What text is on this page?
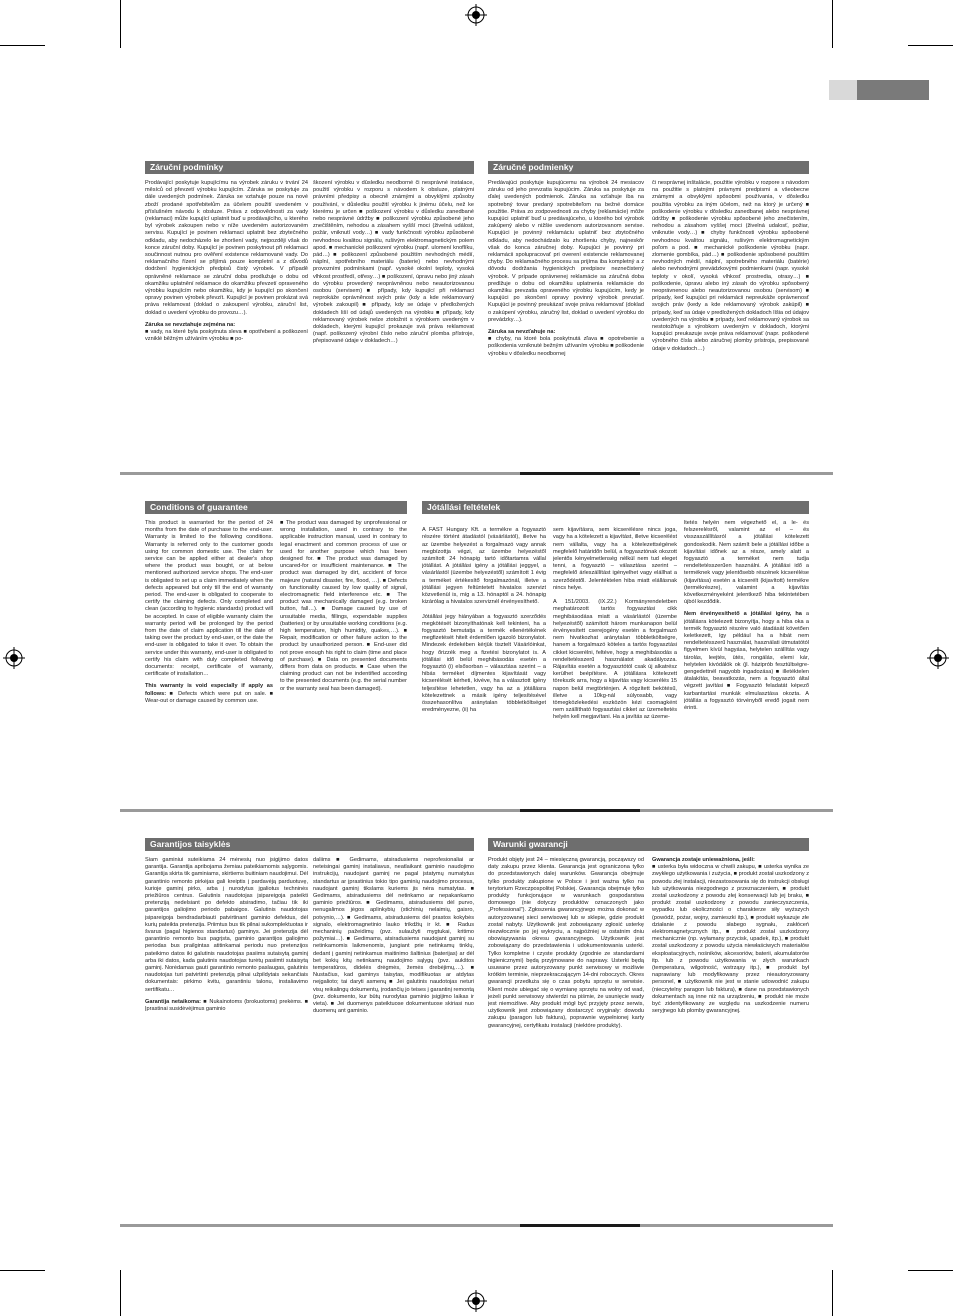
Záruční podmínky

Prodávající poskytuje kupujícímu na výrobek záruku v trvání 24 měsíců od převzetí výrobku kupujícím. Záruka se poskytuje za dále uvedených podmínek. Záruka se vztahuje pouze na nové zboží prodané spotřebitelům za účelem použití uvedeném v příslušném návodu k obsluze. Práva z odpovědnosti za vady (reklamaci) může kupující uplatnit buď u prodávajícího, u kterého byl výrobek zakoupen nebo v níže uvedeném autorizovaném servisu. Kupující je povinen reklamaci uplatnit bez zbytečného odkladu, aby nedocházelo ke zhoršení vady, nejpozději však do konce záruční doby. Kupující je povinen poskytnout při reklamaci součinnost nutnou pro ověření existence reklamované vady. Do reklamačního řízení se přijímá pouze kompletní a z důvodů dodržení hygienických předpisů čistý výrobek. V případě oprávněné reklamace se záruční doba prodlužuje o dobu od okamžiku uplatnění reklamace do okamžiku převzetí opraveného výrobku kupujícím nebo okamžiku, kdy je kupující po skončení opravy povinen výrobek převzít. Kupující je povinen prokázat svá práva reklamovat (doklad o zakoupení výrobku, záruční list, doklad o uvedení výrobku do provozu…).

Záruka se nevztahuje zejména na:
■ vady, na které byla poskytnuta sleva ■ opotřebení a poškození vzniklé běžným užíváním výrobku ■ po-

škození výrobku v důsledku neodborné či nesprávné instalace, použití výrobku v rozporu s návodem k obsluze, platnými právními předpisy a obecně známými a obvyklými způsoby používání, v důsledku použití výrobku k jinému účelu, než ke kterému je určen ■ poškození výrobku v důsledku zanedbané nebo nesprávné údržby ■ poškození výrobku způsobené jeho znečištěním, nehodou a zásahem vyšší moci (živelná událost, požár, vniknutí vody…) ■ vady funkčnosti výrobku způsobené nevhodnou kvalitou signálu, rušivým elektromagnetickým polem apod. ■ mechanické poškození výrobku (např. ulomení knoflíku, pád…) ■ poškození způsobené použitím nevhodných médií, náplní, spotřebního materiálu (baterie) nebo nevhodnými provozními podmínkami (např. vysoké okolní teploty, vysoká vlhkost prostředí, otřesy…) ■ poškození, úpravu nebo jiný zásah do výrobku provedený neoprávněnou nebo neautorizovanou osobou (servisem) ■ případy, kdy kupující při reklamaci neprokáže oprávněnost svých práv (kdy a kde reklamovaný výrobek zakoupil) ■ případy, kdy se údaje v předložených dokladech liší od údajů uvedených na výrobku ■ případy, kdy reklamovaný výrobek nelze ztotožnit s výrobkem uvedeným v dokladech, kterými kupující prokazuje svá práva reklamovat (např. poškozený výrobní číslo nebo záruční plomba přístroje, přepisované údaje v dokladech…)

Záručné podmienky

Predávajúci poskytuje kupujúcemu na výrobok 24 mesiacov záruku od jeho prevzatia kupujúcim. Záruka sa poskytuje za ďalej uvedených podmienok. Záruka sa vzťahuje iba na spotrebný tovar predaný spotrebiteľom na bežné domáce použitie. Práva zo zodpovednosti za chyby (reklamácie) môže kupujúci uplatniť buď u predávajúceho, u ktorého bol výrobok zakúpený alebo v nižšie uvedenom autorizovanom servise. Kupujúci je povinný reklamáciu uplatniť bez zbytočného odkladu, aby nedochádzalo ku zhoršeniu chyby, najneskôr však do konca záručnej doby. Kupujúci je povinný pri reklamácii spolupracovať pri overení existencie reklamovanej chyby. Do reklamačného procesu sa prijíma iba kompletný a z dôvodu dodržania hygienických predpisov neznečistený výrobok. V prípade oprávnenej reklamácie sa záručná doba predlžuje o dobu od okamžiku uplatnenia reklamácie do okamžiku prevzatia opraveného výrobku kupujúcim, kedy je kupujúci po skončení opravy povinný výrobok prevziať. Kupujúci je povinný preukázať svoje práva reklamovať (doklad o zakúpení výrobku, záručný list, doklad o uvedení výrobku do prevádzky…).

Záruka sa nevzťahuje na:
■ chyby, na ktoré bola poskytnutá zľava ■ opotrebenie a poškodenia vzniknuté bežným užívaním výrobku ■ poškodenie výrobku v dôsledku neodbornej

či nesprávnej inštalácie, použitie výrobku v rozpore s návodom na použitie s platnými právnymi predpismi a všeobecne známymi a obvyklými spôsobmi používania, v dôsledku použitia výrobku za iným účelom, než na ktorý je určený ■ poškodenie výrobku v dôsledku zanedbanej alebo nesprávnej údržby ■ poškodenie výrobku spôsobené jeho znečistením, nehodou a zásahom vyššej moci (živelná udalosť, požiar, vniknutie vody…) ■ chyby funkčnosti výrobku spôsobené nevhodnou kvalitou signálu, rušivým elektromagnetickým poľom a pod. ■ mechanické poškodenie výrobku (napr. zlomenie gombíka, pád…) ■ poškodenie spôsobené použitím nevhodných médií, náplní, spotrebného materiálu (batérie) alebo nevhodnými prevádzkovými podmienkami (napr. vysoké teploty v okolí, vysoká vlhkosť prostredia, otrasy…) ■ poškodenie, úpravu alebo iný zásah do výrobku spôsobený neoprávnenou alebo neautorizovanou osobou (servisom) ■ prípady, keď kupujúci pri reklamácii nepreukáže oprávnenosť svojich práv (kedy a kde reklamovaný výrobok zakúpil) ■ prípady, keď sa údaje v predložených dokladoch líšia od údajov uvedených na výrobku ■ prípady, keď reklamovaný výrobok sa nestotožňuje s výrobkom uvedeným v dokladoch, ktorými kupujúci preukazuje svoje práva reklamovať (napr. poškodené výrobného čísla alebo záručnej plomby prístroja, prepisované údaje v dokladoch…)

Conditions of guarantee

This product is warranted for the period of 24 months from the date of purchase to the end-user. Warranty is limited to the following conditions. Warranty is referred only to the customer goods using for common domestic use. The claim for service can be applied either at dealer's shop where the product was bought, or at below mentioned authorized service shops. The end-user is obligated to set up a claim immediately when the defects appeared but only till the end of warranty period. The end-user is obligated to cooperate to certify the claiming defects. Only completed and clean (according to hygienic standards) product will be accepted. In case of eligible warranty claim the warranty period will be prolonged by the period from the date of claim application till the date of taking over the product by end-user, or the date the end-user is obligated to take it over. To obtain the service under this warranty, end-user is obligated to certify his claim with duly completed following documents: receipt, certificate of warranty, certificate of installation…

This warranty is void especially if apply as follows: ■ Defects which were put on sale. ■ Wear-out or damage caused by common use.

■ The product was damaged by unprofessional or wrong installation, used in contrary to the applicable instruction manual, used in contrary to legal enactment and common process of use or used for another purpose which has been designed for. ■ The product was damaged by uncared-for or insufficient maintenance. ■ The product was damaged by dirt, accident of force majeure (natural disaster, fire, flood, …). ■ Defects on functionality caused by low quality of signal, electromagnetic field interference etc. ■ The product was mechanically damaged (e.g. broken button, fall…). ■ Damage caused by use of unsuitable media, fillings, expendable supplies (batteries) or by unsuitable working conditions (e.g. high temperature, high humidity, quakes,…). ■ Repair, modification or other failure action to the product by unauthorized person. ■ End-user did not prove enough his right to claim (time and place of purchase). ■ Data on presented documents differs from data on products. ■ Case when the claiming product can not be indentified according to the presented documents (e.g. the serial number or the warranty seal has been damaged).

Jótállási feltételek

A FAST Hungary Kft. a termékre a fogyasztó részére történt átadástól (vásárlástól), illetve ha az üzembe helyezést a forgalmazó vagy annak megbízottja végzi, az üzembe helyezéstől számított 24 hónapig tartó időtartamra vállal jótállást. A jótállási igény a jótállási jeggyel, a vásárlástól (üzembe helyezéstől) számított 1 évig a terméket értékesítő forgalmazónál, illetve a jótállási jegyen feltüntetett hivatalos szervizt közvetlenül is, míg a 13. hónaptól a 24. hónapig kizárólag a hivatalos szerviznél érvényesíthető.

Jótállási jegy hiányában a fogyasztó szerződés megkötését bizonyíthatónak kell tekinteni, ha a fogyasztó bemutatja a termék ellenértékének megfizetését hitelt érdemlően igazoló bizonylatot. Mindezek érdekében kérjük tisztelt Vásárlóinkat, hogy őrizzék meg a fizetési bizonylatot is. A jótállási idő belül meghibásodás esetén a fogyasztó (i) elsősorban – választása szerint – a hibás terméket díjmentes kijavítását vagy kicserélését kérheti, kivéve, ha a választott igény teljesítése lehetetlen, vagy ha az a jótállásra kötelezettnek a másik igény teljesítésével összehasonlítva aránytalan többletköltséget eredményezne, (ii) ha

sem kijavításra, sem kicserélésre nincs joga, vagy ha a kötelezett a kijavítást, illetve kicserélést nem vállalta, vagy ha a kötelezettségének megfelelő határidőn belül, a fogyasztónak okozott jelentős kényelmetlenség nélkül nem tud eleget tenni, a fogyasztó – választása szerint – megfelelő árleszállítást igényelhet vagy elállhat a szerződéstől. Jelentéktelen hiba miatt elállásnak nincs helye.

A 151/2003. (IX.22.) Kormányrendeletben meghatározott tartós fogyasztási cikk meghibásodása miatt a vásárlástól (üzembe helyezéstől) számított három munkanapon belül érvényesített cserejogény esetén a forgalmazó nem hivatkozhat aránytalan többletköltségre, hanem a forgalmazó köteles a tartós fogyasztási cikket kicserélni, feltéve, hogy a meghibásodás a rendeltetésszerű használatot akadályozza. Rájavítás esetén a fogyasztótól csak új alkatrész kerülhet beépítésre. A jótállásra kötelezett törekszik arra, hogy a kijavítás vagy kicserélés 15 napon belül megtörténjen. A rögzített bekötésű, illetve a 10kg-nál súlyosabb, vagy tömegközlekedési eszközön kézi csomagként nem szállítható fogyasztási cikket az üzemeltetés helyén kell megjavítani. Ha a javítás az üzeme-

ltetés helyén nem végezhető el, a le- és felszerelésről, valamint az el – és visszaszállításról a jótállási kötelezett gondoskodik. Nem számít bele a jótállási időbe a kijavítási időnek az a része, amely alatt a fogyasztó a terméket nem tudja rendeltetésszerűen használni. A jótállási idő a terméknek vagy jelentősebb részének kicserélése (kijavítása) esetén a kicserélt (kijavított) termékre (termékrészre), valamint a kijavítás következményeként jelentkező hiba tekintetében újból kezdődik.

Nem érvényesíthető a jótállási igény, ha a jótállásra kötelezett bizonyítja, hogy a hiba oka a termék fogyasztó részére való átadását követően keletkezett, így például ha a hibát nem rendeltetésszerű használat, használati útmutatótól figyelmen kívül hagyása, helytelen szállítás vagy tárolás, leejtés, ütés, rongálás, elemi kár, helytelen kivódálók ok (jl. háziprób fesztültségre-gengedettnél nagyobb ingadozása) ■ illetéktelen átalakítás, beavatkozás, nem a fogyasztó által végzett javítási ■ Fogyasztó feladatát képező karbantartási munkák elmulasztása okozta. A jótállás a fogyasztó törvényből eredő jogait nem érinti.

Garantijos taisyklės

Šiam gaminiui suteikiama 24 mėnesių nuo įsigijimo datos garantija. Garantija apribojama žemiau pateikiamomis sąlygomis. Garantija skirta tik gaminiams, skirtiems buitiniam naudojimui. Dėl garantinio remonto pirkėjas gali kreiptis į pardavėją parduotuvę, kurioje gaminį pirko, arba į nurodytus įgaliotus techninės priežiūros centrus. Galutinis naudotojas įsipareigoja pateikti pretenziją nedelsiant po defekto atsiradimo, tačiau tik iki garantijos galiojimo periodo pabaigos. Galutinis naudotojas įsipareigoja bendradarbiauti patvirtinant gaminio defektus, dėl kurių pateikta pretenzija. Priimtus bus tik pilnai sukomplektuotas ir švarus (pagal higienos standartus) gaminys. Jei pretenzija dėl garantinio remonto bus pagrįsta, gaminio garantijos galiojimo periodas bus prailgintas atitinkamai periodu nuo pretenzijos pateikimo datos iki galutinis naudotojas pasiims sutaisytą gaminį arba iki datos, kada galutinis naudotojas turėtų pasiimti sutaisytą gaminį. Norėdamas gauti garantinio remonto paslaugas, galutinis naudotojas turi patvirtinti pretenziją pilnai užpildytais sekančiais dokumentais: pirkimo kvitu, garantiniu talonu, instaliavimo sertifikatu…

Garantija netaikoma: ■ Nukainotoms (brokuotoms) prekėms. ■ Įprastinai susidėvėjimus gaminio

daliims ■ Gedimams, atsiradusiems neprofesionaliai ar neteisingai gaminį instaliavus, neatlaikant gaminio naudojimo instrukcijų, naudojant gaminį ne pagal įstatymų numatytus standartus ar įprastinius tokio tipo gaminių naudojimo procesus, naudojant gaminį tikslams kuriems jis nėra numatytas. ■ Gedimams, atsiradusiems dėl netinkamo ar nepakankamo gaminio priežiūros. ■ Gedimams, atsiradusiems dėl purvo, nenugalimos jėgos aplinkybių (stichinių nelaimių, gaisro, potvynio,…). ■ Gedimams, atsiradusiems dėl prastos kokybės signalo, elektromagnetinio lauko trikdžių ir kt. ■ Radus mechaninių pažeidimų (pvz. sulaužyti mygtukai, kritimo požymiai…). ■ Gedimams, atsiradusiems naudojant gaminį su netinkamomis laikmenomis, jungiant prie netinkamų tinklų, dedant į gaminį netinkamus maitinimo šaltinius (baterijas) ar dėl bet kokių kitų netinkamų naudojimo sąlygų (pvz. aukštos temperatūros, didelės drėgmės, žemės drebėjimų,…). ■ Nustačius, kad gaminys taisytas, modifikuotas ar atdytas neįgalioto; tai daryti asmenų ■ Jei galutinis naudotojas neturi visų reikalingų dokumentų, įrodančių jo teises į garantinį remontą (pvz. dokumento, kur būtų nurodytas gaminio įsigijimo laikas ir vieta). ■ Jei duomenys pateiktuose dokumentuose skiriasi nuo duomenų ant gaminio.

Warunki gwarancji

Produkt objęty jest 24 – miesięczną gwarancją, począwszy od daty zakupu przez klienta. Gwarancja jest ograniczona tylko do przedstawionych dalej warunków. Gwarancja obejmuje tylko produkty zakupione w Polsce i jest ważna tylko na terytorium Rzeczpospolitej Polskiej. Gwarancja obejmuje tylko produkty funkcjonujące w warunkach gospodarstwa domowego (nie dotyczy produktów oznaczonych jako „Professional"). Zgłoszenia gwarancyjnego można dokonać w autoryzowanej sieci serwisowej lub w sklepie, gdzie produkt został nabyty. Użytkownik jest zobowiązany zgłosić usterkę niezwłocznie po jej wykryciu, a najpóźniej w ostatnim dniu obowiązywania okresu gwarancyjnego. Użytkownik jest zobowiązany do przedstawienia i udokumentowania usterki. Tylko kompletne i czyste produkty (zgodnie ze standardami higienicznymi) będą przyjmowane do naprawy. Usterki będą usuwane przez autoryzowany punkt serwisowy w możliwie krótkim terminie, nieprzekraczającym 14-dni roboczych. Okres gwarancji przedłuża się o czas pobytu sprzętu w serwisie. Klient może ubiegać się o wymianę sprzętu na wolny od wad, jeżeli punkt serwisowy stwierdzi na piśmie, że usunięcie wady jest niemożliwe. Aby produkt mógł być przyjęty przez serwis, użytkownik jest zobowiązany dostarczyć oryginały: dowodu zakupu (paragon lub faktura), poprawnie wypełnionej karty gwarancyjnej, certyfikatu instalacji (niektóre produkty).

Gwarancja zostaje unieważniona, jeśli:
■ usterka była widoczna w chwili zakupu, ■ usterka wynika ze zwykłego użytkowania i zużycia, ■ produkt został uszkodzony z powodu złej instalacji, niezastosowania się do instrukcji obsługi lub użytkowania niezgodnego z przeznaczeniem, ■ produkt został uszkodzony z powodu złej konserwacji lub jej braku, ■ produkt został uszkodzony z powodu zanieczyszczenia, wypadku lub okoliczności o charakterze siły wyższych (powódź, pożar, wojny, zamieszki itp.), ■ produkt wykazuje złe działanie z powodu słabego sygnału, zakłóceń elektromagnetycznych itp., ■ produkt został uszkodzony mechanicznie (np. wyłamany przycisk, upadek, itp.), ■ produkt został uszkodzony z powodu użycia niewłaściwych materiałów eksploatacyjnych, nośników, akcesoriów, baterii, akumulatorów itp. lub z powodu użytkowania w złych warunkach (temperatura, wilgotność, wstrząsy itp.), ■ produkt był naprawiany lub modyfikowany przez nieautoryzowany personel, ■ użytkownik nie jest w stanie udowodnić zakupu (nieczytelny paragon lub faktura), ■ dane na przedstawionych dokumentach są inne niż na urządzeniu, ■ produkt nie może być zidentyfikowany ze względu na uszkodzenie numeru seryjnego lub plomby gwarancyjnej.
